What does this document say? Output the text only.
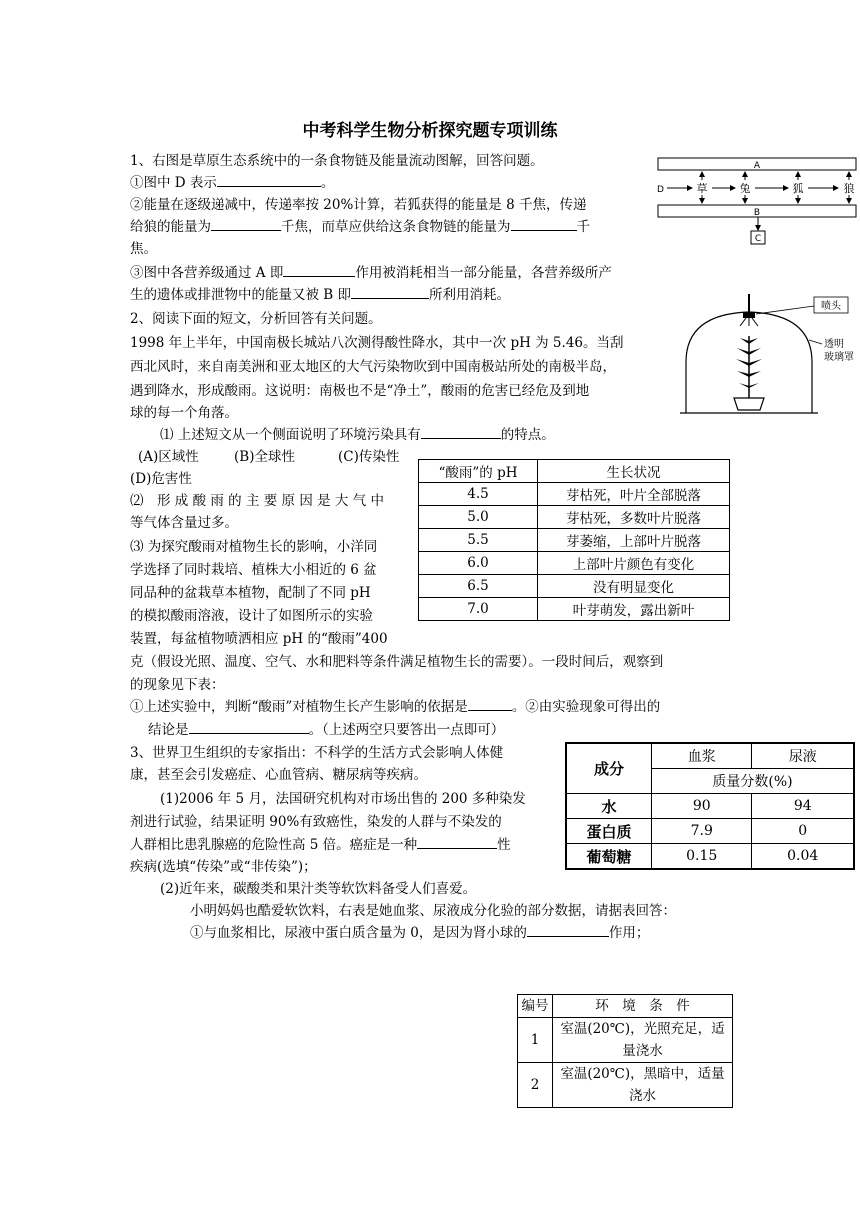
中考科学生物分析探究题专项训练
1、右图是草原生态系统中的一条食物链及能量流动图解，回答问题。
①图中 D 表示	。
②能量在逐级递减中，传递率按 20%计算，若狐获得的能量是 8 千焦，传递
给狼的能量为	千焦，而草应供给这条食物链的能量为	千
焦。
③图中各营养级通过 A 即	作用被消耗相当一部分能量，各营养级所产
生的遗体或排泄物中的能量又被 B 即	所利用消耗。
2、阅读下面的短文，分析回答有关问题。
1998 年上半年，中国南极长城站八次测得酸性降水，其中一次 pH 为 5.46。当刮
西北风时，来自南美洲和亚太地区的大气污染物吹到中国南极站所处的南极半岛，
遇到降水，形成酸雨。这说明：南极也不是“净土”，酸雨的危害已经危及到地
球的每一个角落。
⑴ 上述短文从一个侧面说明了环境污染具有	的特点。
(A)区域性	(B)全球性	(C)传染性
(D)危害性
⑵　形 成 酸 雨 的 主 要 原 因 是 大 气 中
等气体含量过多。
⑶ 为探究酸雨对植物生长的影响，小洋同
学选择了同时栽培、植株大小相近的 6 盆
同品种的盆栽草本植物，配制了不同 pH
的模拟酸雨溶液，设计了如图所示的实验
装置，每盆植物喷洒相应 pH 的“酸雨”400
克（假设光照、温度、空气、水和肥料等条件满足植物生长的需要）。一段时间后，观察到
的现象见下表：
①上述实验中，判断“酸雨”对植物生长产生影响的依据是	。②由实验现象可得出的
结论是	。（上述两空只要答出一点即可）
3、世界卫生组织的专家指出：不科学的生活方式会影响人体健
康，甚至会引发癌症、心血管病、糖尿病等疾病。
(1)2006 年 5 月，法国研究机构对市场出售的 200 多种染发
剂进行试验，结果证明 90%有致癌性，染发的人群与不染发的
人群相比患乳腺癌的危险性高 5 倍。癌症是一种	性
疾病(选填“传染”或“非传染”)；
(2)近年来，碳酸类和果汁类等软饮料备受人们喜爱。
小明妈妈也酷爱软饮料，右表是她血浆、尿液成分化验的部分数据，请据表回答：
①与血浆相比，尿液中蛋白质含量为 0，是因为肾小球的	作用；
A
B
C
D	草	兔	狐	狼
喷头
透明
玻璃罩
“酸雨”的 pH	生长状况
4.5	芽枯死，叶片全部脱落
5.0	芽枯死，多数叶片脱落
5.5	芽萎缩，上部叶片脱落
6.0	上部叶片颜色有变化
6.5	没有明显变化
7.0	叶芽萌发，露出新叶
成分	血浆	尿液
	质量分数(%)	
水	90	94
蛋白质	7.9	0
葡萄糖	0.15	0.04
编号	环　境　条　件
1	室温(20℃)，光照充足，适
量浇水

2	室温(20℃)，黑暗中，适量
浇水
